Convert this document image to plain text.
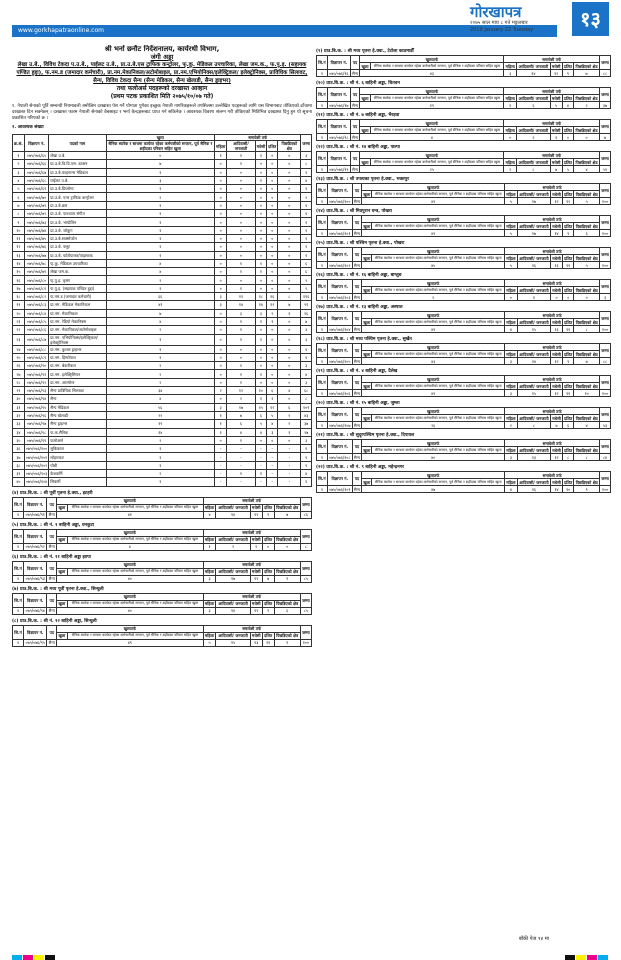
www.gorkhapatraonline.com
गोरखापत्र
२०७५ साल माघ ८ गते मङ्गलबार
2019 January 22 Tuesday	१३
श्री भर्ना छनौट निर्देशनालय, कार्यरथी विभाग,
जंगी अड्डा
लेखा उ.बे., विविध टेकदा प.उ.बे., पाईलट उ.बे., प्रा.उ.बे.एस ट्राफिक कन्ट्रोलर, फ्.कु. मेडिकल उपचारिका, लेखा जम.क., फ.पु.इ. (सहायक पण्डित हुद्दा), फ.नम.ड (जमादार कर्मचारी), प्रा.नम.मेकानिकल/अटोमोबाइल, प्रा.नम.एभियोनिक्स/इलेक्ट्रिकल/ इलेक्ट्रोनिक्स, प्राविधिक सिलावट, सैन्य, विविध टेकदा सैन्य (सैन्य मेडिकल, सैन्य खेलाडी, सैन्य ड्राइभर)
तथा फलोअर्स पदहरूको दरखास्त आव्हान
(प्रथम पटक प्रकाशित मिति २०७५/१०/०७ गते)
१. नेपाली सेनाको पूर्ति सम्बन्धी नियमावली बमोजिम दरखास्त पेश गर्ने योग्यता पुगेका इच्छुक नेपाली नागरिकहरूले तपसिलमा उल्लेखित पदहरूको लागि यस विभागबाट तोकिएको ढाँचामा दरखास्त दिन सक्नेछन् । दरखास्त फारम नेपाली सेनाको वेबसाइट र भर्ना केन्द्रहरूबाट प्राप्त गर्न सकिनेछ । आवश्यक विवरण संलग्न गरी तोकिएको मितिभित्र दरखास्त दिनु हुन यो सूचना प्रकाशित गरिएको छ ।
२. आवश्यक संख्या
क्र.सं.	विज्ञापन नं.	पदको नाम	खुला	समावेशी तर्फ					जम्मा
			सैनिक ब्यारेक र साथमा कार्यरत रहेका कर्मचारीको सन्तान, पूर्व सैनिक र शहीदका परिवार सहित खुला	महिला	आदिवासी/ जनजाती	मधेसी	दलित	पिछडिएको क्षेत्र	
१	०७५/०७६/६५	लेखा उ.बे.	०	१	१	१	०	०	३
२	०७५/०७६/६६	प्रा.उ.बे.वि.वि.एस. डाक्टर	७	०	१	०	०	०	८
३	०७५/०७६/६७	प्रा.उ.बे.फाइनान्स मेडिकल	१	०	०	०	०	०	१
४	०७५/०७६/६८	पाईलट उ.बे.	३	०	०	१	०	०	४
५	०७५/०७६/६९	प्रा.उ.बे.डिप्लोमा	१	०	०	०	०	०	१
६	०७५/०७६/७०	प्रा.उ.बे. एयर ट्राफिक कन्ट्रोलर	२	०	०	०	०	०	२
७	०७५/०७६/७१	प्रा.उ.बे.क्रम	१	०	०	०	०	०	१
८	०७५/०७६/७२	प्रा.उ.बे. पाश्चात्य संगीत	१	०	०	०	०	०	१
९	०७५/०७६/७३	प्रा.उ.बे. भायोलिन	१	०	०	०	०	०	१
१०	०७५/०७६/७४	प्रा.उ.बे. जोकुग	१	०	०	०	०	०	१
११	०७५/०७६/७५	प्रा.उ.बे.सक्सोफोन	१	०	०	०	०	०	१
१२	०७५/०७६/७६	प्रा.उ.बे. फ्लूट	१	०	०	०	०	०	१
१३	०७५/०७६/७७	प्रा.उ.बे. फोटोग्राफर/पाइलटक	१	०	०	०	०	०	१
१४	०७५/०७६/७८	फ्.कु. मेडिकल उपचारिका	४	०	१	१	०	०	६
१५	०७५/०७६/७९	लेखा जम.क.	४	०	१	१	०	०	६
१६	०७५/०७६/८०	फ्.पु.इ. कृष्ण	२	०	०	०	०	०	२
१७	०७५/०७६/८१	फ.पु.इ. (सहायक पण्डित हुद्दा)	१	०	१	०	०	०	२
१८	०७५/०७६/८२	फ.नम.ड (जमादार कर्मचारी)	६६	३	११	१८	१६	८	११६
१९	०७५/०७६/८३	प्रा.नम. मेडिकल मेकानिकल	४१	३	१४	१४	१२	७	९१
२०	०७५/०७६/८४	प्रा.नम. मेकानिकल	७	०	३	३	२	१	१६
२१	०७५/०७६/८५	प्रा.नम. रेडियो मेकानिक्स	४	०	१	१	१	०	७
२२	०७५/०७६/८६	प्रा.नम. मेकानिकल/अटोमोबाइल	२	०	१	०	०	०	३
२३	०७५/०७६/८७	प्रा.नम. एभियोनिक्स/इलेक्ट्रिकल/ इलेक्ट्रोनिक्स	१	०	१	१	०	०	३
२४	०७५/०७६/८८	प्रा.नम. कुशल ड्राइभर	१	०	०	०	०	०	१
२५	०७५/०७६/८९	प्रा.नम. हिस्टोपाथ	१	०	०	०	०	०	१
२६	०७५/०७६/९०	प्रा.नम. बेकरीकल	२	०	१	०	०	०	३
२७	०७५/०७६/९१	प्रा.नम. इलेक्ट्रिसियन	२	०	१	१	०	०	४
२८	०७५/०७६/९२	प्रा.नम. आरमोरर	२	०	१	०	०	०	३
२९	०७५/०७६/९३	सैन्य प्राविधिक सिलावट	३४	२	१२	१०	६	४	६८
३०	०७५/०७६/९४	सैन्य	४	०	२	१	१	०	८
३१	०७५/०७६/९५	सैन्य मेडिकल	५६	३	१७	१५	१२	६	१०९
३२	०७५/०७६/९६	सैन्य खेलाडी	२२	१	७	६	५	२	४३
३३	०७५/०७६/९७	सैन्य ड्राइभर	१९	१	६	५	४	२	३७
३४	०७५/०७६/९८	फ.क.सैनिक	१४	१	४	४	३	१	२७
३५	०७५/०७६/९९	फलोअर्स	२	०	१	०	०	०	३
३६	०७५/०७६/१००	सुकिकाल	१	-	-	-	-	-	१
३७	०७५/०७६/१०१	लोहारकट	१	-	-	-	-	-	१
३८	०७५/०७६/१०२	घोबी	१	-	-	-	-	-	१
३९	०७५/०७६/१०३	केशकर्मि	२	-	१	१	-	-	४
४०	०७५/०७६/१०४	सिकर्मी	१	-	-	-	-	-	१
(४) प्राउ.बि.क. : श्री पूर्वी पृतना हे.क्वा., इटहरी
सि.नं	विज्ञापन नं.	पद	खुलातर्फ		समावेशी तर्फ					जम्मा
			खुला	सैनिक ब्यारेक र साथमा कार्यरत रहेका कर्मचारीको सन्तान, पूर्व सैनिक र शहीदका परिवार सहित खुला	महिला	आदिवासी/ जनजाती	मधेसी	दलित	पिछडिएको क्षेत्र	
१	०७५/०७६/९१	सैन्य	४१		४	१४	१२	९	७	८६
(५) प्राउ.बि.क. : श्री नं. १ बाहिनी अड्डा, धनकुटा
सि.नं	विज्ञापन नं.	पद	खुलातर्फ		समावेशी तर्फ					जम्मा
			खुला	सैनिक ब्यारेक र साथमा कार्यरत रहेका कर्मचारीको सन्तान, पूर्व सैनिक र शहीदका परिवार सहित खुला	महिला	आदिवासी/ जनजाती	मधेसी	दलित	पिछडिएको क्षेत्र	
१	०७५/०७६/९२	सैन्य	४		१	२	१	०	०	८
(६) प्राउ.बि.क. : श्री नं. ११ बाहिनी अड्डा झापा
सि.नं	विज्ञापन नं.	पद	खुलातर्फ		समावेशी तर्फ					जम्मा
			खुला	सैनिक ब्यारेक र साथमा कार्यरत रहेका कर्मचारीको सन्तान, पूर्व सैनिक र शहीदका परिवार सहित खुला	महिला	आदिवासी/ जनजाती	मधेसी	दलित	पिछडिएको क्षेत्र	
१	०७५/०७६/९३	सैन्य	४०		३	१७	१२	७	९	८५
(७) प्राउ.बि.क. : श्री मध्य पूर्वी पृतना हे.क्वा., सिन्धुली
सि.नं	विज्ञापन नं.	पद	खुलातर्फ		समावेशी तर्फ					जम्मा
			खुला	सैनिक ब्यारेक र साथमा कार्यरत रहेका कर्मचारीको सन्तान, पूर्व सैनिक र शहीदका परिवार सहित खुला	महिला	आदिवासी/ जनजाती	मधेसी	दलित	पिछडिएको क्षेत्र	
१	०७५/०७६/९४	सैन्य	४०		३	१४	१२	९	६	८५
(८) प्राउ.बि.क. : श्री नं. १२ बाहिनी अड्डा, सिन्धुली
सि.नं	विज्ञापन नं.	पद	खुलातर्फ		समावेशी तर्फ					जम्मा
			खुला	सैनिक ब्यारेक र साथमा कार्यरत रहेका कर्मचारीको सन्तान, पूर्व सैनिक र शहीदका परिवार सहित खुला	महिला	आदिवासी/ जनजाती	मधेसी	दलित	पिछडिएको क्षेत्र	
१	०७५/०७६/९५	सैन्य	४९		५	१५	१३	११	९	१००
(९) प्राउ.बि.क. : श्री मध्य पृतना हे.क्वा., टेटोला काठमाडौँ
सि.नं	विज्ञापन नं.	पद	खुलातर्फ		समावेशी तर्फ					जम्मा
			खुला	सैनिक ब्यारेक र साथमा कार्यरत रहेका कर्मचारीको सन्तान, पूर्व सैनिक र शहीदका परिवार सहित खुला	महिला	आदिवासी/ जनजाती	मधेसी	दलित	पिछडिएको क्षेत्र	
१	०७५/०७६/९६	सैन्य	४३		३	१४	१२	९	७	८८
(१०) प्राउ.बि.क. : श्री नं. ६ बाहिनी अड्डा, चितवन
सि.नं	विज्ञापन नं.	पद	खुलातर्फ		समावेशी तर्फ					जम्मा
			खुला	सैनिक ब्यारेक र साथमा कार्यरत रहेका कर्मचारीको सन्तान, पूर्व सैनिक र शहीदका परिवार सहित खुला	महिला	आदिवासी/ जनजाती	मधेसी	दलित	पिछडिएको क्षेत्र	
१	०७५/०७६/९७	सैन्य	१९		१	६	५	४	२	३७
(११) प्राउ.बि.क. : श्री नं. ७ बाहिनी अड्डा, भैरहवा
सि.नं	विज्ञापन नं.	पद	खुलातर्फ		समावेशी तर्फ					जम्मा
			खुला	सैनिक ब्यारेक र साथमा कार्यरत रहेका कर्मचारीको सन्तान, पूर्व सैनिक र शहीदका परिवार सहित खुला	महिला	आदिवासी/ जनजाती	मधेसी	दलित	पिछडिएको क्षेत्र	
१	०७५/०७६/९८	सैन्य	४		०	२	१	०	०	७
(१२) प्राउ.बि.क. : श्री नं. १४ बाहिनी अड्डा, पाल्पा
सि.नं	विज्ञापन नं.	पद	खुलातर्फ		समावेशी तर्फ					जम्मा
			खुला	सैनिक ब्यारेक र साथमा कार्यरत रहेका कर्मचारीको सन्तान, पूर्व सैनिक र शहीदका परिवार सहित खुला	महिला	आदिवासी/ जनजाती	मधेसी	दलित	पिछडिएको क्षेत्र	
१	०७५/०७६/९९	सैन्य	२५		२	८	७	५	४	५१
(१३) प्राउ.बि.क. : श्री उपत्यका पृतना हे.क्वा., भक्तपुर
सि.नं	विज्ञापन नं.	पद	खुलातर्फ		समावेशी तर्फ					जम्मा
			खुला	सैनिक ब्यारेक र साथमा कार्यरत रहेका कर्मचारीको सन्तान, पूर्व सैनिक र शहीदका परिवार सहित खुला	महिला	आदिवासी/ जनजाती	मधेसी	दलित	पिछडिएको क्षेत्र	
१	०७५/०७६/१००	सैन्य	४९		५	१७	१२	१२	५	१००
(१४) प्राउ.बि.क. : श्री मित्रपुरान यन्त्र, पोखरा
सि.नं	विज्ञापन नं.	पद	खुलातर्फ		समावेशी तर्फ					जम्मा
			खुला	सैनिक ब्यारेक र साथमा कार्यरत रहेका कर्मचारीको सन्तान, पूर्व सैनिक र शहीदका परिवार सहित खुला	महिला	आदिवासी/ जनजाती	मधेसी	दलित	पिछडिएको क्षेत्र	
१	०७५/०७६/१०१	सैन्य	४९		५	१७	१४	९	६	१००
(१५) प्राउ.बि.क. : श्री पश्चिम पृतना हे.क्वा., पोखरा
सि.नं	विज्ञापन नं.	पद	खुलातर्फ		समावेशी तर्फ					जम्मा
			खुला	सैनिक ब्यारेक र साथमा कार्यरत रहेका कर्मचारीको सन्तान, पूर्व सैनिक र शहीदका परिवार सहित खुला	महिला	आदिवासी/ जनजाती	मधेसी	दलित	पिछडिएको क्षेत्र	
१	०७५/०७६/१०२	सैन्य	४५		५	१६	१३	११	५	१००
(१६) प्राउ.बि.क. : श्री नं. १६ बाहिनी अड्डा, बाग्लुङ
सि.नं	विज्ञापन नं.	पद	खुलातर्फ		समावेशी तर्फ					जम्मा
			खुला	सैनिक ब्यारेक र साथमा कार्यरत रहेका कर्मचारीको सन्तान, पूर्व सैनिक र शहीदका परिवार सहित खुला	महिला	आदिवासी/ जनजाती	मधेसी	दलित	पिछडिएको क्षेत्र	
१	०७५/०७६/१०३	सैन्य	२		०	१	०	०	०	३
(१७) प्राउ.बि.क. : श्री नं. १३ बाहिनी अड्डा, अस्पाल
सि.नं	विज्ञापन नं.	पद	खुलातर्फ		समावेशी तर्फ					जम्मा
			खुला	सैनिक ब्यारेक र साथमा कार्यरत रहेका कर्मचारीको सन्तान, पूर्व सैनिक र शहीदका परिवार सहित खुला	महिला	आदिवासी/ जनजाती	मधेसी	दलित	पिछडिएको क्षेत्र	
१	०७५/०७६/१०४	सैन्य	४९		४	१५	१३	११	८	१००
(१८) प्राउ.बि.क. : श्री मध्य पश्चिम पृतना हे.क्वा., सुर्खेत
सि.नं	विज्ञापन नं.	पद	खुलातर्फ		समावेशी तर्फ					जम्मा
			खुला	सैनिक ब्यारेक र साथमा कार्यरत रहेका कर्मचारीको सन्तान, पूर्व सैनिक र शहीदका परिवार सहित खुला	महिला	आदिवासी/ जनजाती	मधेसी	दलित	पिछडिएको क्षेत्र	
१	०७५/०७६/१०५	सैन्य	४३		३	१४	१२	९	७	८८
(१९) प्राउ.बि.क. : श्री नं. ४ बाहिनी अड्डा, दैलेख
सि.नं	विज्ञापन नं.	पद	खुलातर्फ		समावेशी तर्फ					जम्मा
			खुला	सैनिक ब्यारेक र साथमा कार्यरत रहेका कर्मचारीको सन्तान, पूर्व सैनिक र शहीदका परिवार सहित खुला	महिला	आदिवासी/ जनजाती	मधेसी	दलित	पिछडिएको क्षेत्र	
१	०७५/०७६/१०६	सैन्य	४९		३	१५	१२	११	१०	१००
(२०) प्राउ.बि.क. : श्री नं. १५ बाहिनी अड्डा, जुम्ला
सि.नं	विज्ञापन नं.	पद	खुलातर्फ		समावेशी तर्फ					जम्मा
			खुला	सैनिक ब्यारेक र साथमा कार्यरत रहेका कर्मचारीको सन्तान, पूर्व सैनिक र शहीदका परिवार सहित खुला	महिला	आदिवासी/ जनजाती	मधेसी	दलित	पिछडिएको क्षेत्र	
१	०७५/०७६/१०७	सैन्य	२६		२	८	७	६	४	५३
(२१) प्राउ.बि.क. : श्री सुदूरपश्चिम पृतना हे.क्वा., दिपायल
सि.नं	विज्ञापन नं.	पद	खुलातर्फ		समावेशी तर्फ					जम्मा
			खुला	सैनिक ब्यारेक र साथमा कार्यरत रहेका कर्मचारीको सन्तान, पूर्व सैनिक र शहीदका परिवार सहित खुला	महिला	आदिवासी/ जनजाती	मधेसी	दलित	पिछडिएको क्षेत्र	
१	०७५/०७६/१०८	सैन्य	४०		३	१३	१२	८	८	८४
(२२) प्राउ.बि.क. : श्री नं. ९ बाहिनी अड्डा, महेन्द्रनगर
सि.नं	विज्ञापन नं.	पद	खुलातर्फ		समावेशी तर्फ					जम्मा
			खुला	सैनिक ब्यारेक र साथमा कार्यरत रहेका कर्मचारीको सन्तान, पूर्व सैनिक र शहीदका परिवार सहित खुला	महिला	आदिवासी/ जनजाती	मधेसी	दलित	पिछडिएको क्षेत्र	
१	०७५/०७६/१०९	सैन्य	४७		४	१६	१४	१०	९	१००
बाँकी पेज १४ मा
